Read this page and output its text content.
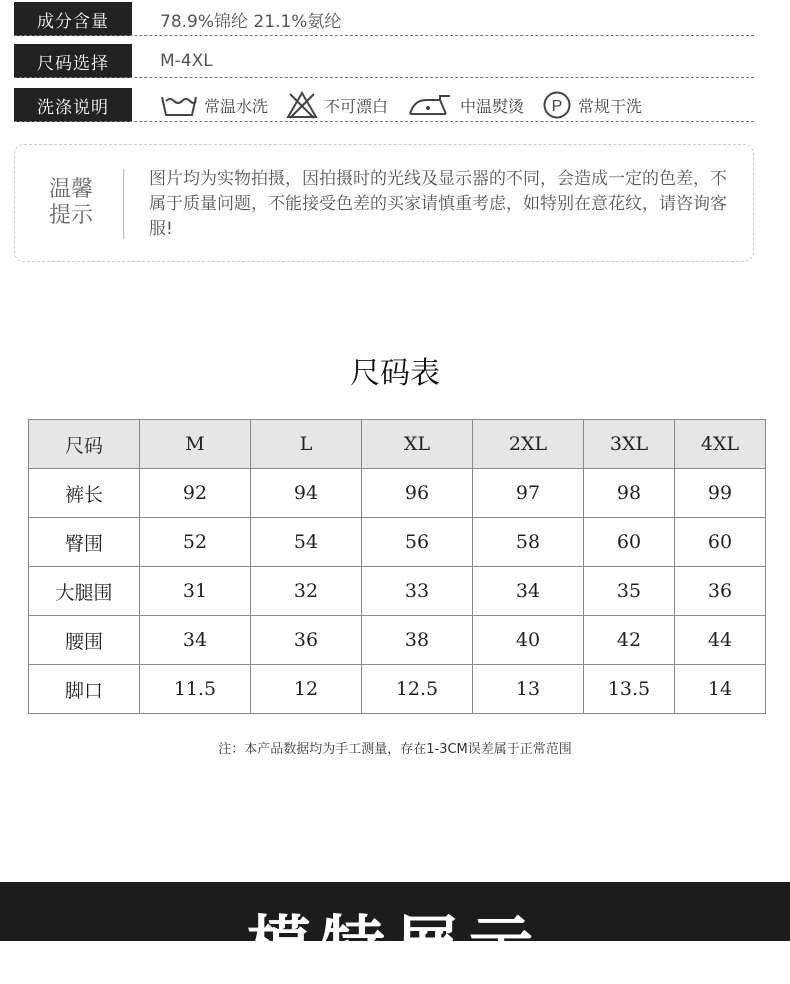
成分含量	78.9%锦纶 21.1%氨纶
尺码选择	M-4XL
洗涤说明	常温水洗	不可漂白	中温熨烫 P 常规干洗
温馨提示
图片均为实物拍摄，因拍摄时的光线及显示器的不同，会造成一定的色差，不属于质量问题，不能接受色差的买家请慎重考虑，如特别在意花纹，请咨询客服!
尺码表
尺码	M	L	XL	2XL	3XL	4XL
裤长	92	94	96	97	98	99
臀围	52	54	56	58	60	60
大腿围	31	32	33	34	35	36
腰围	34	36	38	40	42	44
脚口	11.5	12	12.5	13	13.5	14
注：本产品数据均为手工测量，存在1-3CM误差属于正常范围
模特展示
